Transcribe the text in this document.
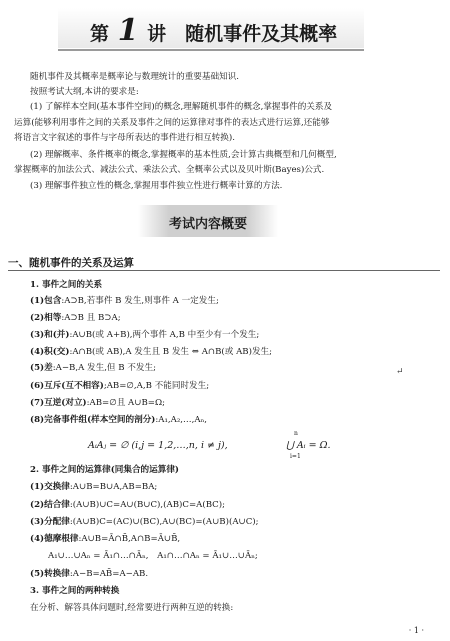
第 1 讲　随机事件及其概率
随机事件及其概率是概率论与数理统计的重要基础知识.
按照考试大纲,本讲的要求是:
(1) 了解样本空间(基本事件空间)的概念,理解随机事件的概念,掌握事件的关系及
运算(能够利用事件之间的关系及事件之间的运算律对事件的表达式进行运算,还能够
将语言文字叙述的事件与字母所表达的事件进行相互转换).
(2) 理解概率、条件概率的概念,掌握概率的基本性质,会计算古典概型和几何概型,
掌握概率的加法公式、减法公式、乘法公式、全概率公式以及贝叶斯(Bayes)公式.
(3) 理解事件独立性的概念,掌握用事件独立性进行概率计算的方法.
考试内容概要
一、随机事件的关系及运算
1. 事件之间的关系
(1)包含:A⊃B,若事件 B 发生,则事件 A 一定发生;
(2)相等:A⊃B 且 B⊃A;
(3)和(并):A∪B(或 A+B),两个事件 A,B 中至少有一个发生;
(4)积(交):A∩B(或 AB),A 发生且 B 发生 ⇔ A∩B(或 AB)发生;
(5)差:A−B,A 发生,但 B 不发生;	↵
(6)互斥(互不相容);AB=∅,A,B 不能同时发生;
(7)互逆(对立):AB=∅且 A∪B=Ω;
(8)完备事件组(样本空间的剖分):A₁,A₂,…,Aₙ,
AᵢAⱼ = ∅ (i,j = 1,2,…,n, i ≠ j),
n
⋃ Aᵢ = Ω.
i=1
2. 事件之间的运算律(同集合的运算律)
(1)交换律:A∪B=B∪A,AB=BA;
(2)结合律:(A∪B)∪C=A∪(B∪C),(AB)C=A(BC);
(3)分配律:(A∪B)C=(AC)∪(BC),A∪(BC)=(A∪B)(A∪C);
(4)德摩根律:A∪B=Ā∩B̄,A∩B=Ā∪B̄,
A₁∪…∪Aₙ = Ā₁∩…∩Āₙ,　A₁∩…∩Aₙ = Ā₁∪…∪Āₙ;
(5)转换律:A−B=AB̄=A−AB.
3. 事件之间的两种转换
在分析、解答具体问题时,经常要进行两种互逆的转换:
· 1 ·
